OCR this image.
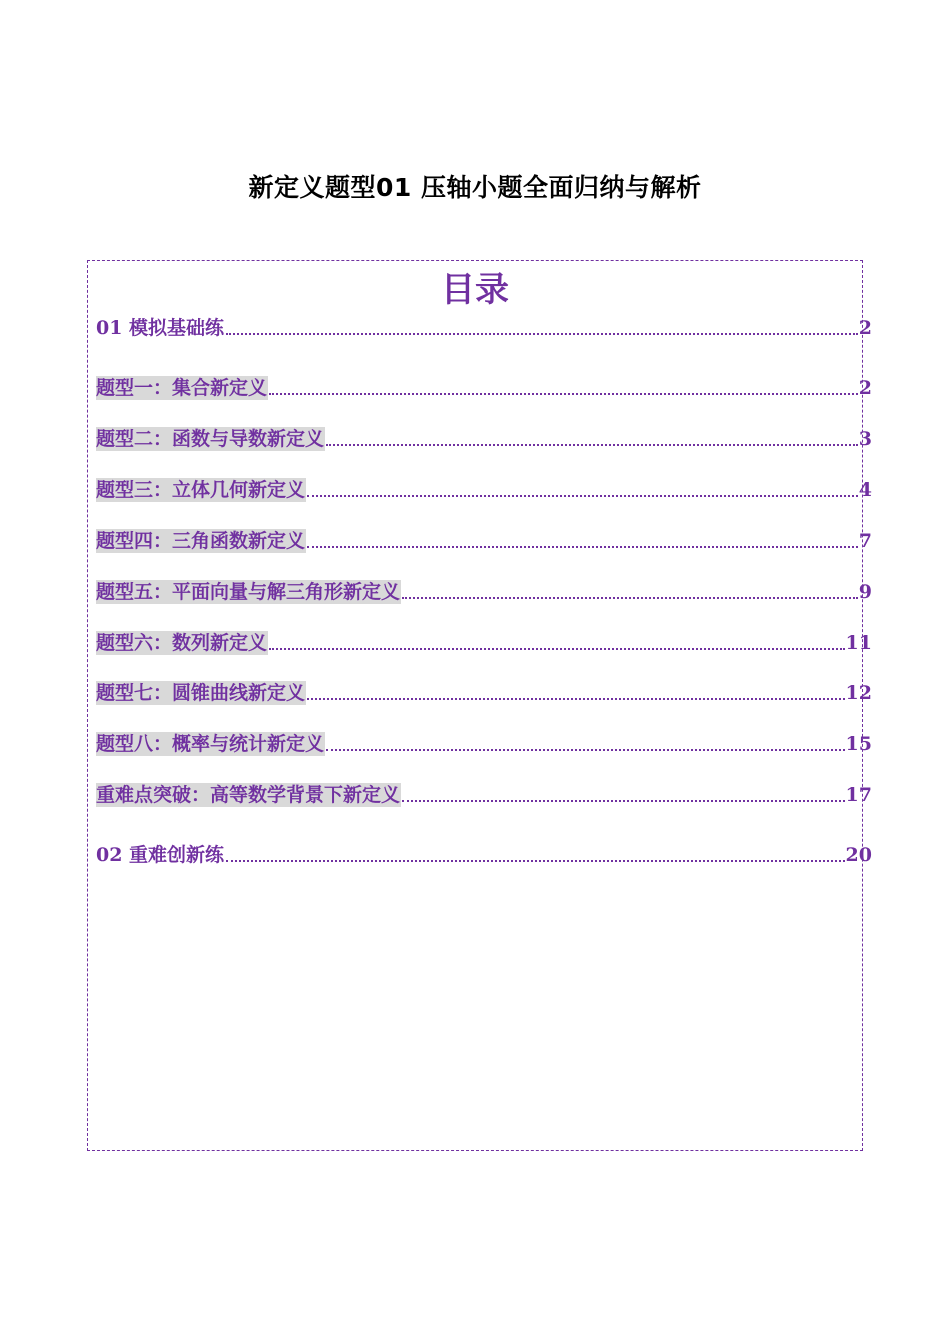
新定义题型01 压轴小题全面归纳与解析
目录
01 模拟基础练	2
题型一：集合新定义	2
题型二：函数与导数新定义	3
题型三：立体几何新定义	4
题型四：三角函数新定义	7
题型五：平面向量与解三角形新定义	9
题型六：数列新定义	11
题型七：圆锥曲线新定义	12
题型八：概率与统计新定义	15
重难点突破：高等数学背景下新定义	17
02 重难创新练	20
